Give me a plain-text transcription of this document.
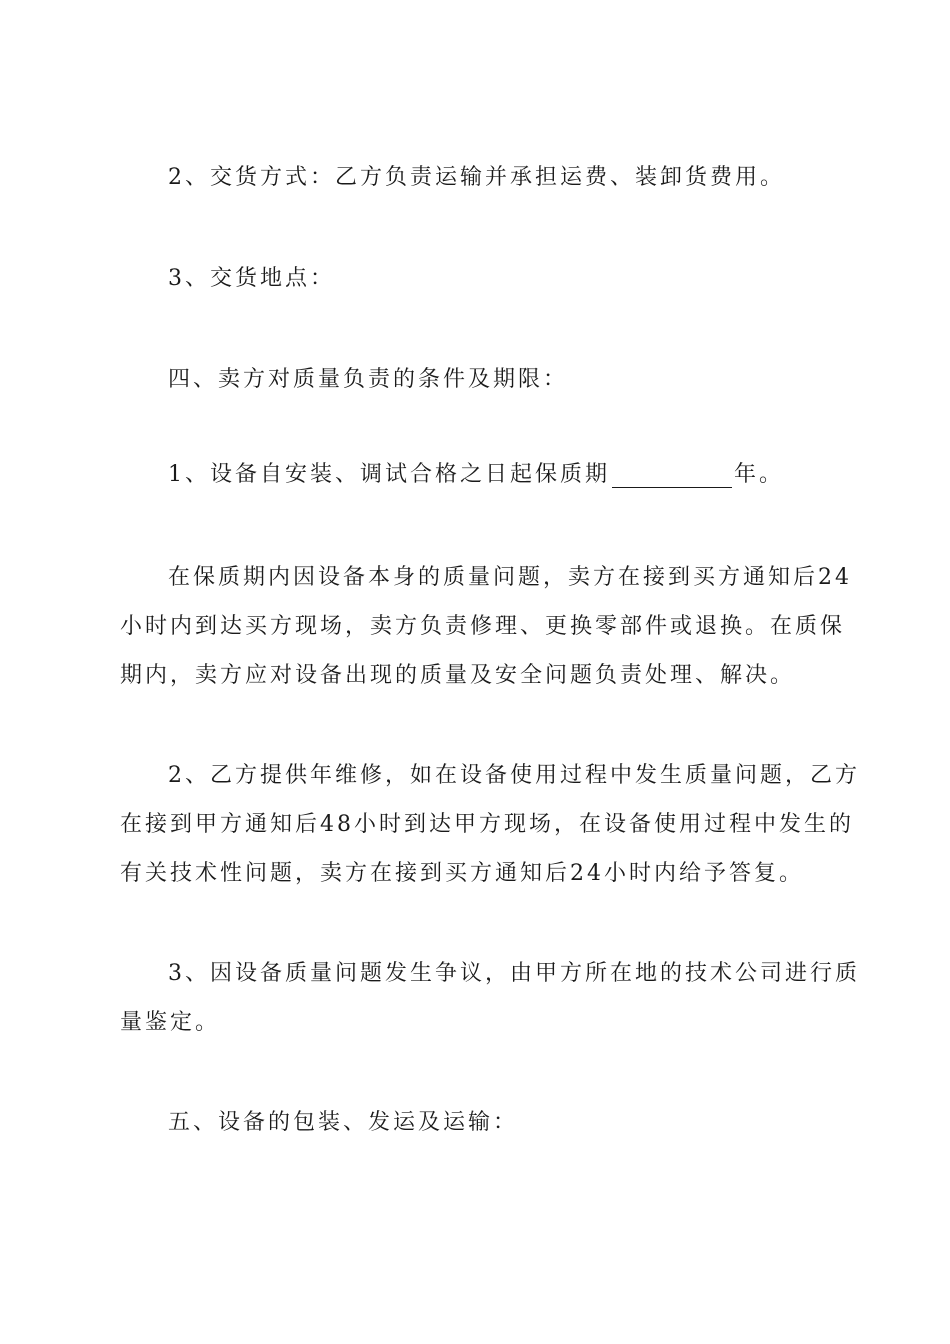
2、交货方式：乙方负责运输并承担运费、装卸货费用。
3、交货地点：
四、卖方对质量负责的条件及期限：
1、设备自安装、调试合格之日起保质期	年。
在保质期内因设备本身的质量问题，卖方在接到买方通知后24
小时内到达买方现场，卖方负责修理、更换零部件或退换。在质保
期内，卖方应对设备出现的质量及安全问题负责处理、解决。
2、乙方提供年维修，如在设备使用过程中发生质量问题，乙方
在接到甲方通知后48小时到达甲方现场，在设备使用过程中发生的
有关技术性问题，卖方在接到买方通知后24小时内给予答复。
3、因设备质量问题发生争议，由甲方所在地的技术公司进行质
量鉴定。
五、设备的包装、发运及运输：
